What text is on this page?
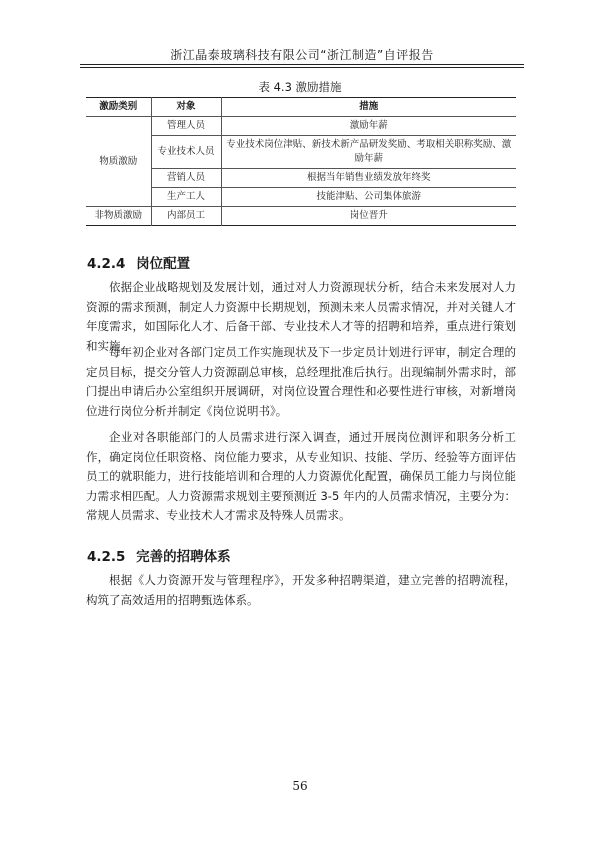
浙江晶泰玻璃科技有限公司“浙江制造”自评报告
表 4.3 激励措施
激励类别	对象	措施
物质激励	管理人员	激励年薪
	专业技术人员	专业技术岗位津贴、新技术新产品研发奖励、考取相关职称奖励、激励年薪
	营销人员	根据当年销售业绩发放年终奖
	生产工人	技能津贴、公司集体旅游
非物质激励	内部员工	岗位晋升
4.2.4 岗位配置

依据企业战略规划及发展计划，通过对人力资源现状分析，结合未来发展对人力资源的需求预测，制定人力资源中长期规划，预测未来人员需求情况，并对关键人才年度需求，如国际化人才、后备干部、专业技术人才等的招聘和培养，重点进行策划和实施。

每年初企业对各部门定员工作实施现状及下一步定员计划进行评审，制定合理的定员目标，提交分管人力资源副总审核，总经理批准后执行。出现编制外需求时，部门提出申请后办公室组织开展调研，对岗位设置合理性和必要性进行审核，对新增岗位进行岗位分析并制定《岗位说明书》。

企业对各职能部门的人员需求进行深入调查，通过开展岗位测评和职务分析工作，确定岗位任职资格、岗位能力要求，从专业知识、技能、学历、经验等方面评估员工的就职能力，进行技能培训和合理的人力资源优化配置，确保员工能力与岗位能力需求相匹配。人力资源需求规划主要预测近 3-5 年内的人员需求情况，主要分为：常规人员需求、专业技术人才需求及特殊人员需求。

4.2.5 完善的招聘体系

根据《人力资源开发与管理程序》，开发多种招聘渠道，建立完善的招聘流程，构筑了高效适用的招聘甄选体系。

56
